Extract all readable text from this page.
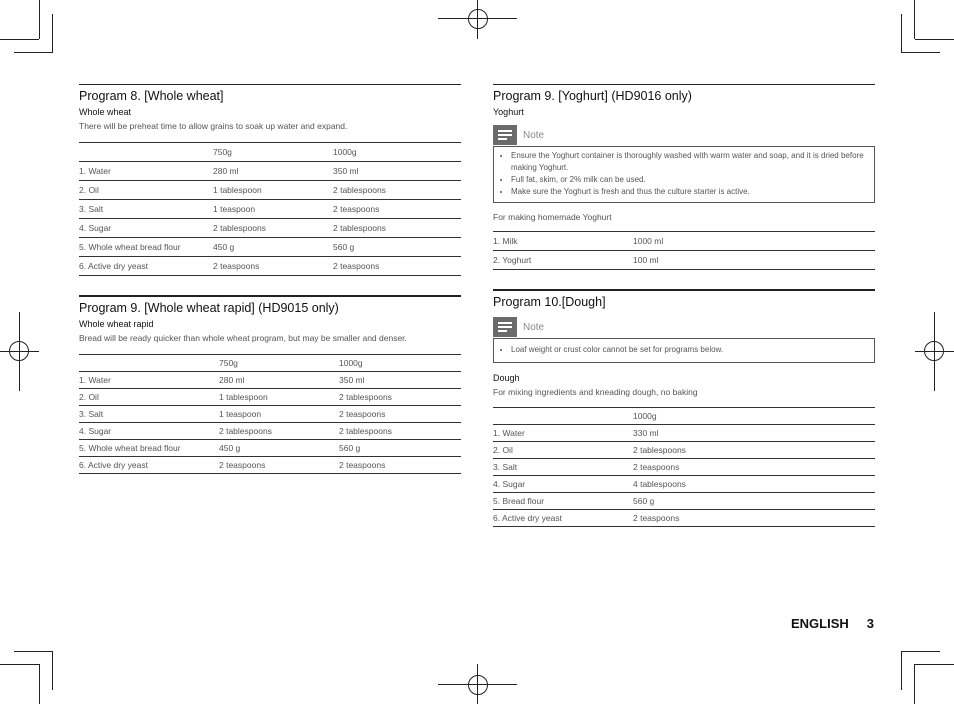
Program 8. [Whole wheat]
Whole wheat
There will be preheat time to allow grains to soak up water and expand.
	750g	1000g
1. Water	280 ml	350 ml
2. Oil	1 tablespoon	2 tablespoons
3. Salt	1 teaspoon	2 teaspoons
4. Sugar	2 tablespoons	2 tablespoons
5. Whole wheat bread flour	450 g	560 g
6. Active dry yeast	2 teaspoons	2 teaspoons
Program 9. [Whole wheat rapid] (HD9015 only)
Whole wheat rapid
Bread will be ready quicker than whole wheat program, but may be smaller and denser.
	750g	1000g
1. Water	280 ml	350 ml
2. Oil	1 tablespoon	2 tablespoons
3. Salt	1 teaspoon	2 teaspoons
4. Sugar	2 tablespoons	2 tablespoons
5. Whole wheat bread flour	450 g	560 g
6. Active dry yeast	2 teaspoons	2 teaspoons
Program 9. [Yoghurt] (HD9016 only)
Yoghurt
Note
• Ensure the Yoghurt container is thoroughly washed with warm water and soap, and it is dried before making Yoghurt.
• Full fat, skim, or 2% milk can be used.
• Make sure the Yoghurt is fresh and thus the culture starter is active.
For making homemade Yoghurt
1. Milk	1000 ml
2. Yoghurt	100 ml
Program 10.[Dough]
Note
• Loaf weight or crust color cannot be set for programs below.
Dough
For mixing ingredients and kneading dough, no baking
	1000g
1. Water	330 ml
2. Oil	2 tablespoons
3. Salt	2 teaspoons
4. Sugar	4 tablespoons
5. Bread flour	560 g
6. Active dry yeast	2 teaspoons
ENGLISH 3
